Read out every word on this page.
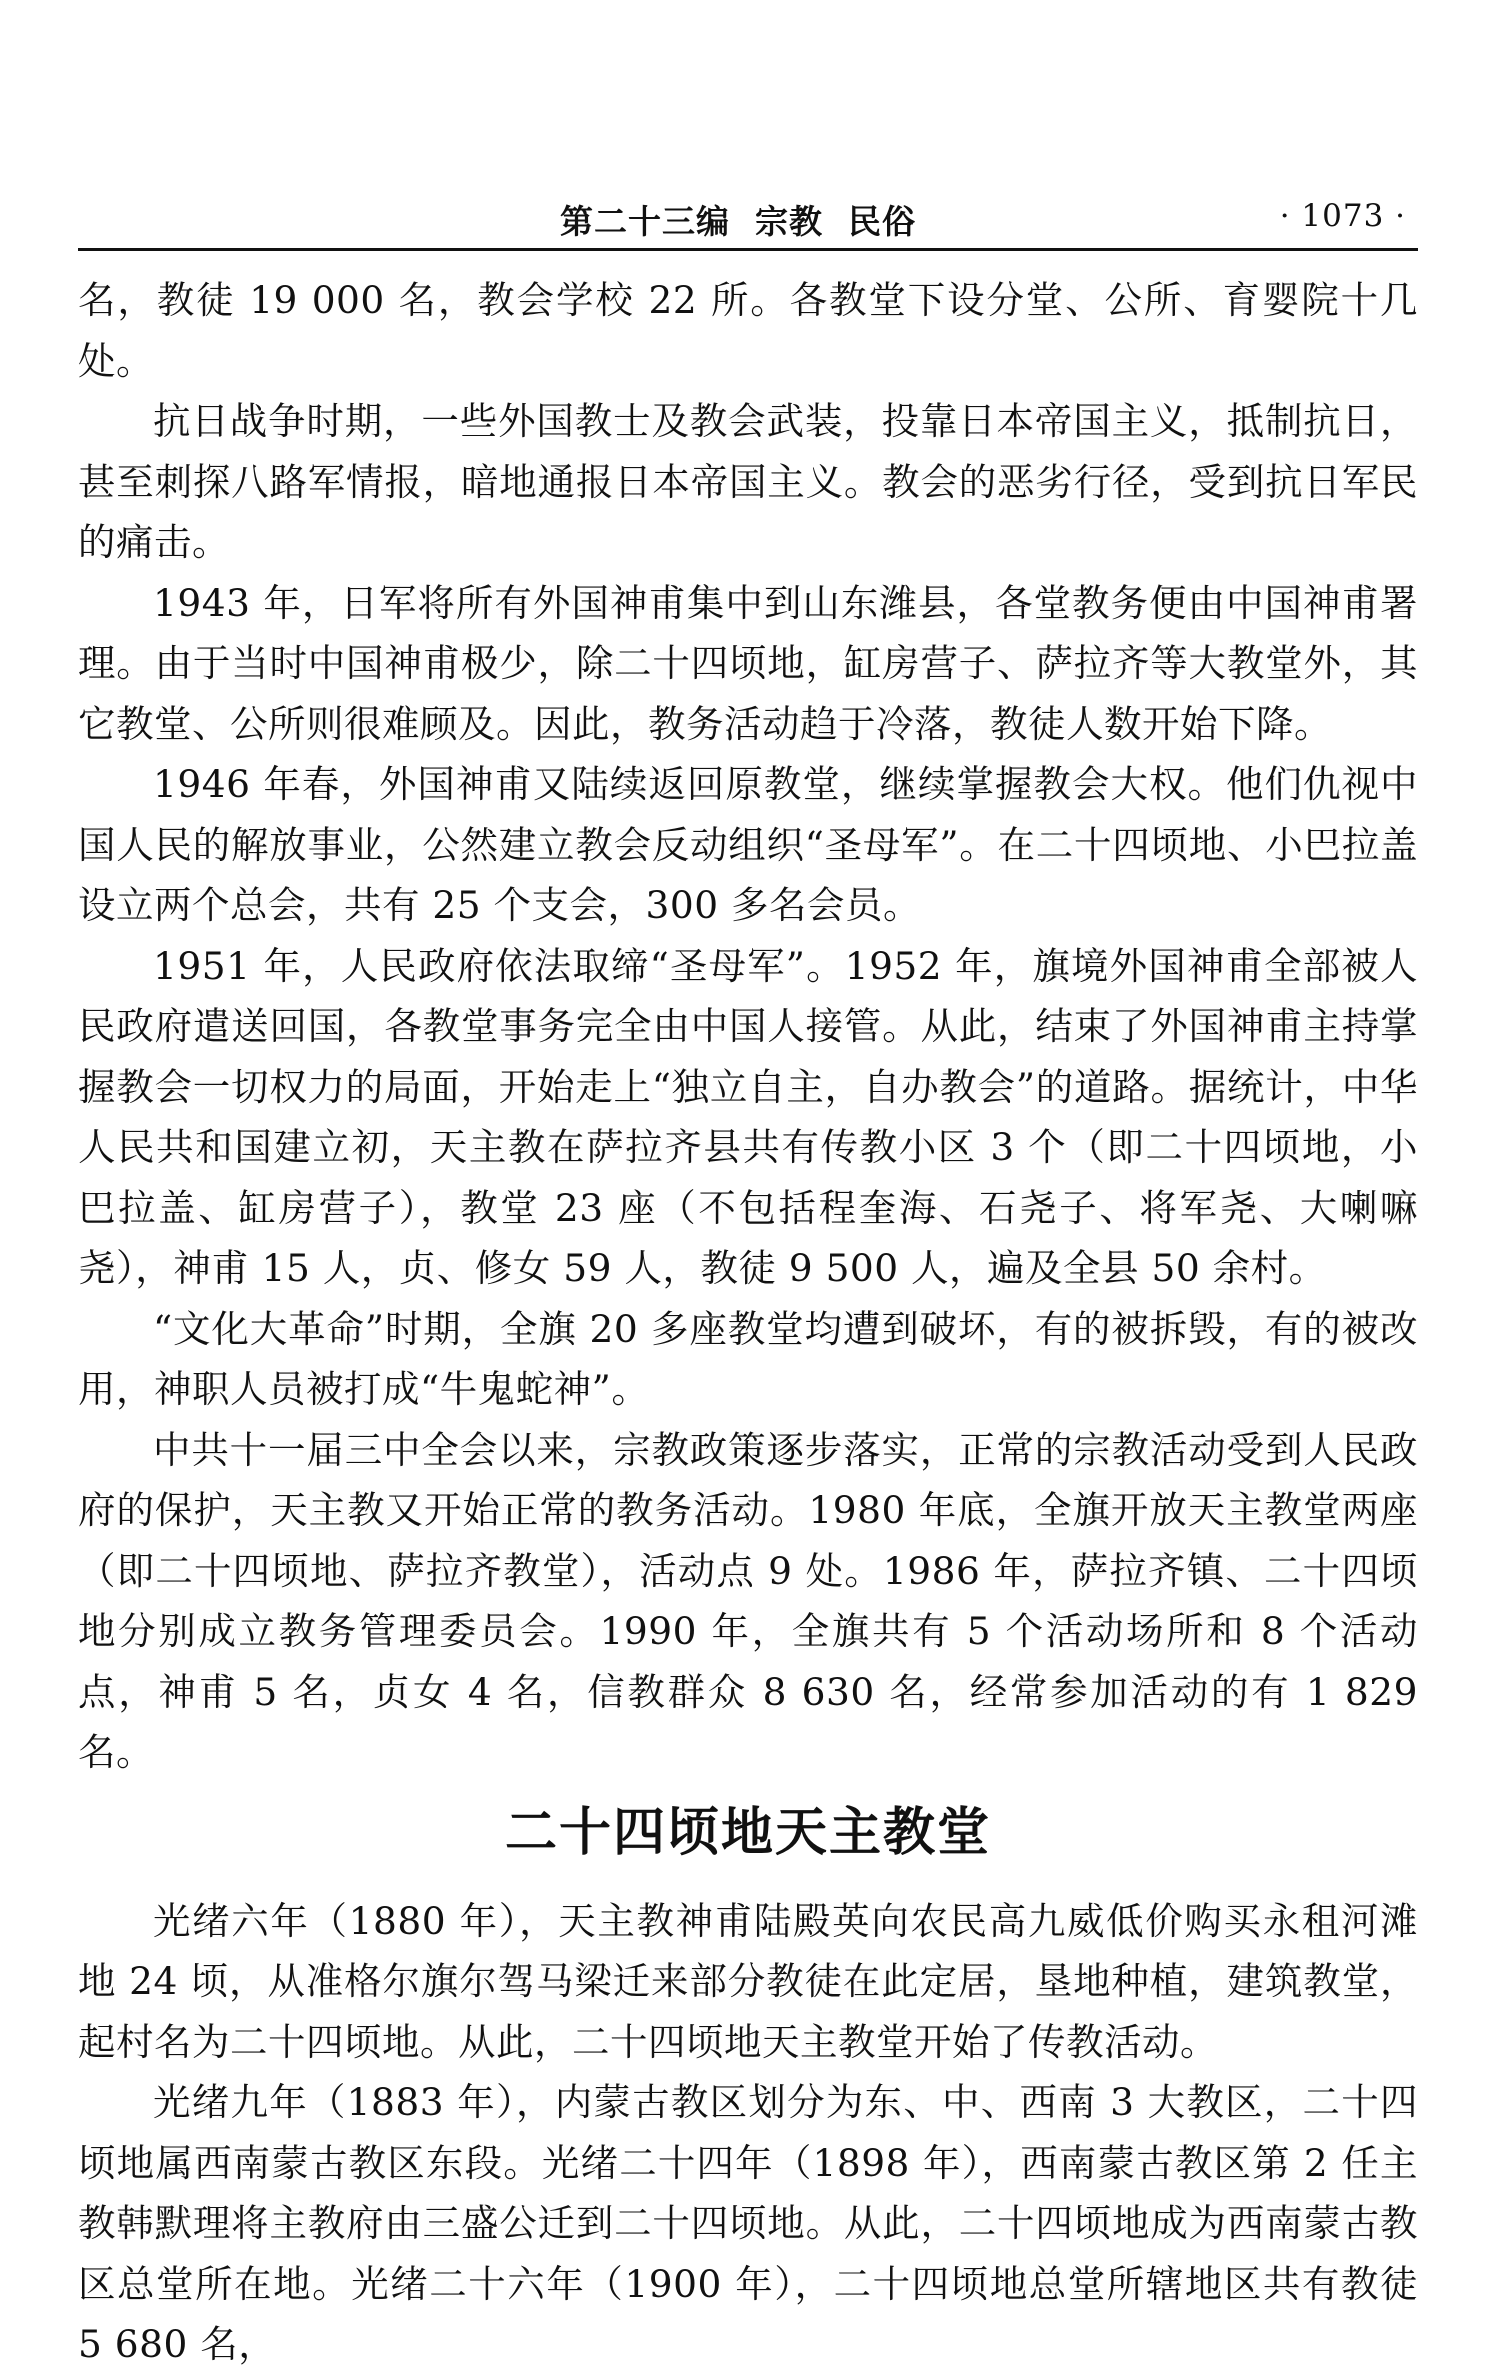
第二十三编  宗教  民俗	· 1073 ·

名，教徒 19 000 名，教会学校 22 所。各教堂下设分堂、公所、育婴院十几处。

抗日战争时期，一些外国教士及教会武装，投靠日本帝国主义，抵制抗日，甚至刺探八路军情报，暗地通报日本帝国主义。教会的恶劣行径，受到抗日军民的痛击。

1943 年，日军将所有外国神甫集中到山东潍县，各堂教务便由中国神甫署理。由于当时中国神甫极少，除二十四顷地，缸房营子、萨拉齐等大教堂外，其它教堂、公所则很难顾及。因此，教务活动趋于冷落，教徒人数开始下降。

1946 年春，外国神甫又陆续返回原教堂，继续掌握教会大权。他们仇视中国人民的解放事业，公然建立教会反动组织“圣母军”。在二十四顷地、小巴拉盖设立两个总会，共有 25 个支会，300 多名会员。

1951 年，人民政府依法取缔“圣母军”。1952 年，旗境外国神甫全部被人民政府遣送回国，各教堂事务完全由中国人接管。从此，结束了外国神甫主持掌握教会一切权力的局面，开始走上“独立自主，自办教会”的道路。据统计，中华人民共和国建立初，天主教在萨拉齐县共有传教小区 3 个（即二十四顷地，小巴拉盖、缸房营子），教堂 23 座（不包括程奎海、石尧子、将军尧、大喇嘛尧），神甫 15 人，贞、修女 59 人，教徒 9 500 人，遍及全县 50 余村。

“文化大革命”时期，全旗 20 多座教堂均遭到破坏，有的被拆毁，有的被改用，神职人员被打成“牛鬼蛇神”。

中共十一届三中全会以来，宗教政策逐步落实，正常的宗教活动受到人民政府的保护，天主教又开始正常的教务活动。1980 年底，全旗开放天主教堂两座（即二十四顷地、萨拉齐教堂），活动点 9 处。1986 年，萨拉齐镇、二十四顷地分别成立教务管理委员会。1990 年，全旗共有 5 个活动场所和 8 个活动点，神甫 5 名，贞女 4 名，信教群众 8 630 名，经常参加活动的有 1 829 名。

二十四顷地天主教堂

光绪六年（1880 年），天主教神甫陆殿英向农民高九威低价购买永租河滩地 24 顷，从准格尔旗尔驾马梁迁来部分教徒在此定居，垦地种植，建筑教堂，起村名为二十四顷地。从此，二十四顷地天主教堂开始了传教活动。

光绪九年（1883 年），内蒙古教区划分为东、中、西南 3 大教区，二十四顷地属西南蒙古教区东段。光绪二十四年（1898 年），西南蒙古教区第 2 任主教韩默理将主教府由三盛公迁到二十四顷地。从此，二十四顷地成为西南蒙古教区总堂所在地。光绪二十六年（1900 年），二十四顷地总堂所辖地区共有教徒 5 680 名，
